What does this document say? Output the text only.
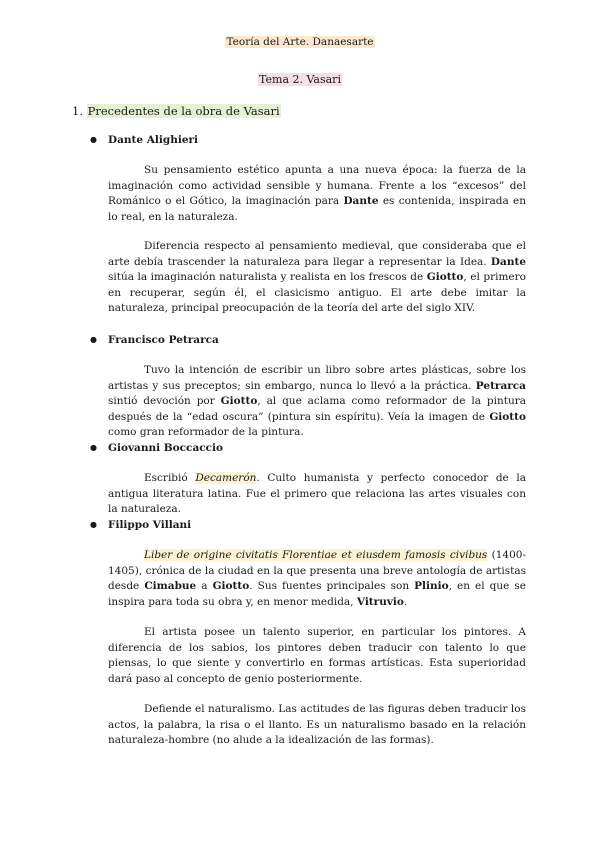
Teoría del Arte. Danaesarte
Tema 2. Vasari
1. Precedentes de la obra de Vasari
● Dante Alighieri

Su pensamiento estético apunta a una nueva época: la fuerza de la imaginación como actividad sensible y humana. Frente a los “excesos” del Románico o el Gótico, la imaginación para Dante es contenida, inspirada en lo real, en la naturaleza.

Diferencia respecto al pensamiento medieval, que consideraba que el arte debía trascender la naturaleza para llegar a representar la Idea. Dante sitúa la imaginación naturalista y realista en los frescos de Giotto, el primero en recuperar, según él, el clasicismo antiguo. El arte debe imitar la naturaleza, principal preocupación de la teoría del arte del siglo XIV.

● Francisco Petrarca

Tuvo la intención de escribir un libro sobre artes plásticas, sobre los artistas y sus preceptos; sin embargo, nunca lo llevó a la práctica. Petrarca sintió devoción por Giotto, al que aclama como reformador de la pintura después de la “edad oscura” (pintura sin espíritu). Veía la imagen de Giotto como gran reformador de la pintura.

● Giovanni Boccaccio

Escribió Decamerón. Culto humanista y perfecto conocedor de la antigua literatura latina. Fue el primero que relaciona las artes visuales con la naturaleza.

● Filippo Villani

Liber de origine civitatis Florentiae et eiusdem famosis civibus (1400-1405), crónica de la ciudad en la que presenta una breve antología de artistas desde Cimabue a Giotto. Sus fuentes principales son Plinio, en el que se inspira para toda su obra y, en menor medida, Vitruvio.

El artista posee un talento superior, en particular los pintores. A diferencia de los sabios, los pintores deben traducir con talento lo que piensas, lo que siente y convertirlo en formas artísticas. Esta superioridad dará paso al concepto de genio posteriormente.

Defiende el naturalismo. Las actitudes de las figuras deben traducir los actos, la palabra, la risa o el llanto. Es un naturalismo basado en la relación naturaleza-hombre (no alude a la idealización de las formas).
